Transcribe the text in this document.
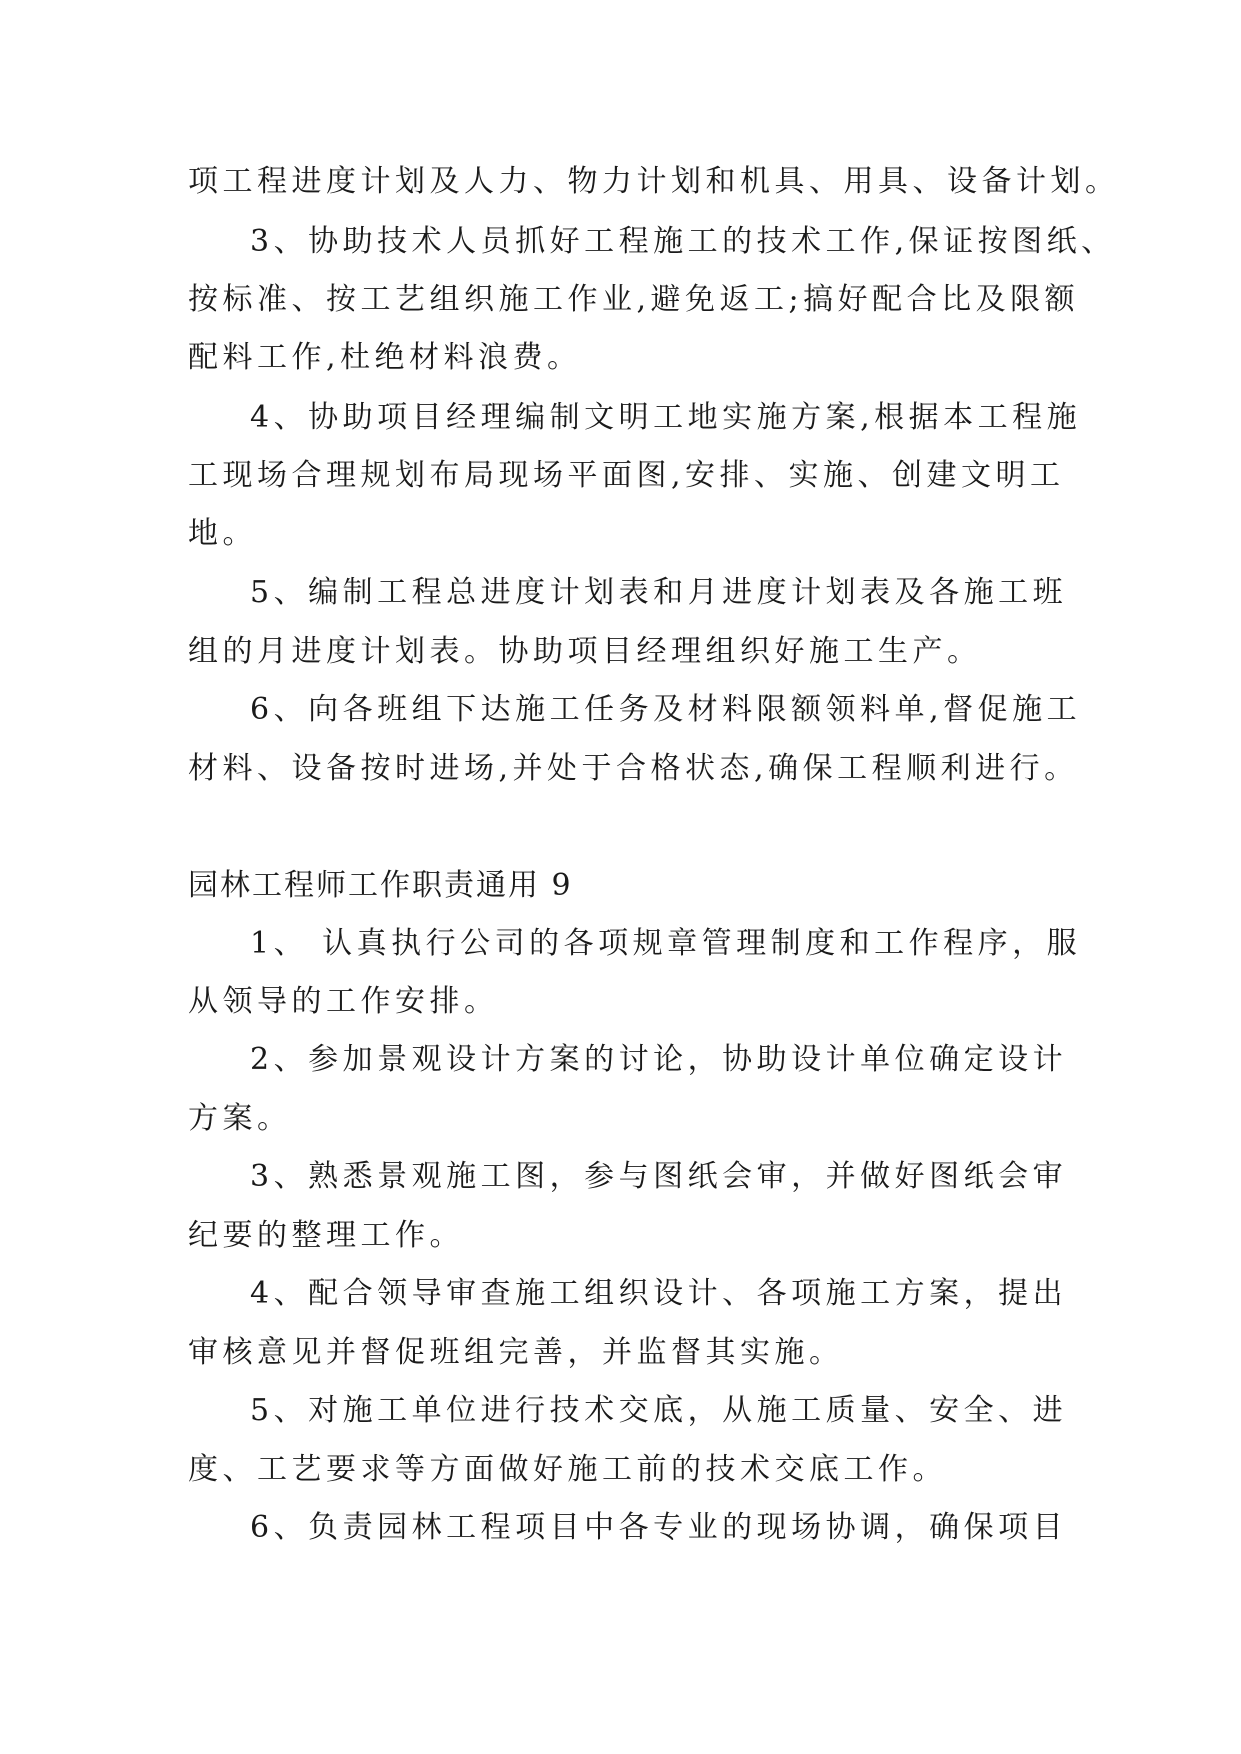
项工程进度计划及人力、物力计划和机具、用具、设备计划。
3、协助技术人员抓好工程施工的技术工作,保证按图纸、
按标准、按工艺组织施工作业,避免返工;搞好配合比及限额
配料工作,杜绝材料浪费。
4、协助项目经理编制文明工地实施方案,根据本工程施
工现场合理规划布局现场平面图,安排、实施、创建文明工
地。
5、编制工程总进度计划表和月进度计划表及各施工班
组的月进度计划表。协助项目经理组织好施工生产。
6、向各班组下达施工任务及材料限额领料单,督促施工
材料、设备按时进场,并处于合格状态,确保工程顺利进行。
园林工程师工作职责通用 9
1、 认真执行公司的各项规章管理制度和工作程序，服
从领导的工作安排。
2、参加景观设计方案的讨论，协助设计单位确定设计
方案。
3、熟悉景观施工图，参与图纸会审，并做好图纸会审
纪要的整理工作。
4、配合领导审查施工组织设计、各项施工方案，提出
审核意见并督促班组完善，并监督其实施。
5、对施工单位进行技术交底，从施工质量、安全、进
度、工艺要求等方面做好施工前的技术交底工作。
6、负责园林工程项目中各专业的现场协调，确保项目
